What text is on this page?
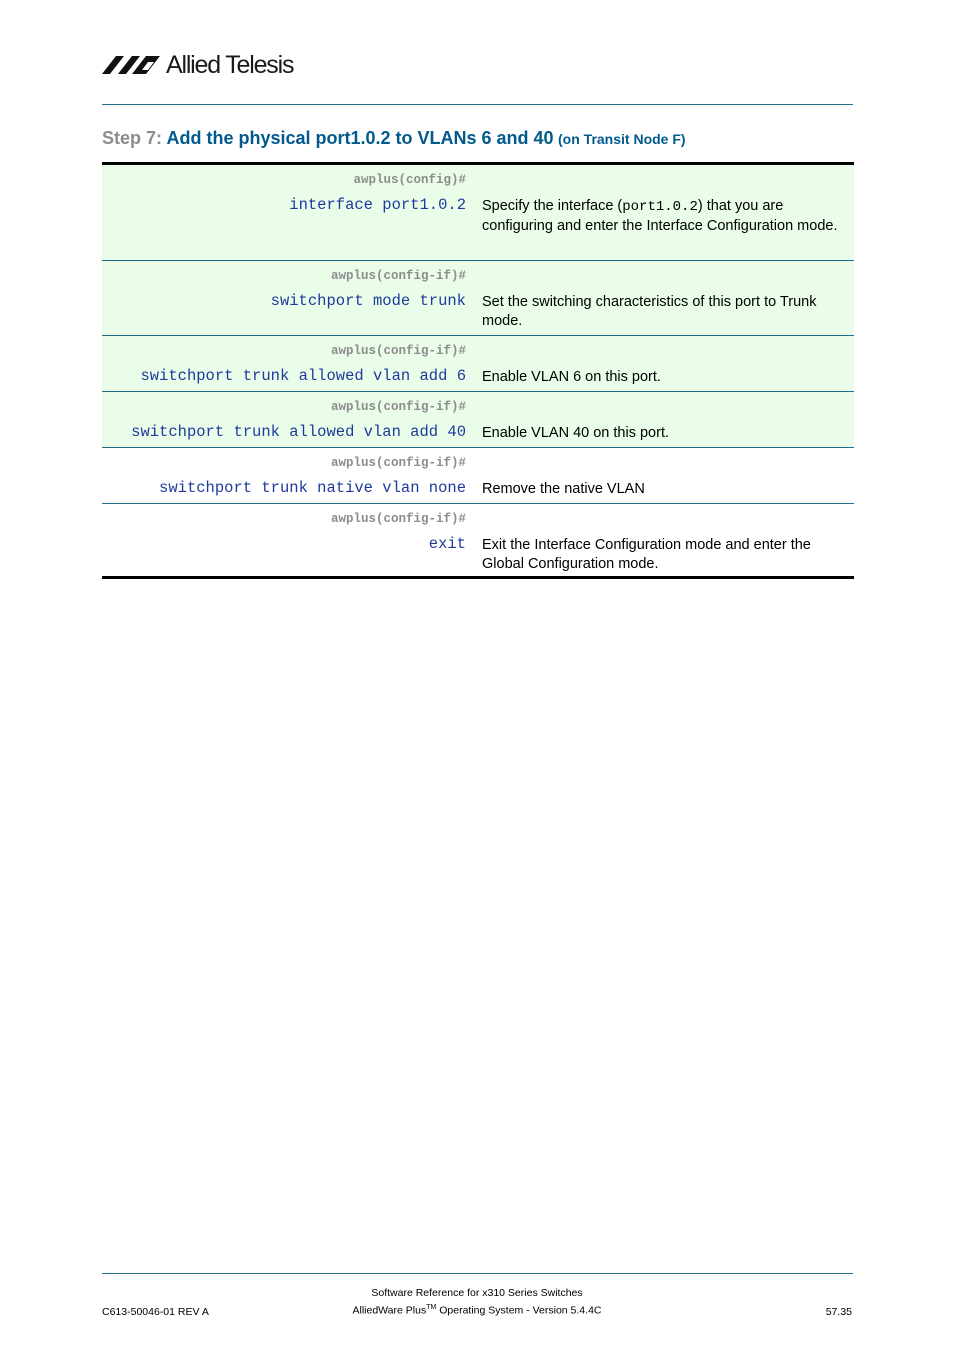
Allied Telesis
Step 7: Add the physical port1.0.2 to VLANs 6 and 40 (on Transit Node F)
awplus(config)#
interface port1.0.2 Specify the interface (port1.0.2) that you are configuring and enter the Interface Configuration mode.
awplus(config-if)#
switchport mode trunk Set the switching characteristics of this port to Trunk mode.
awplus(config-if)#
switchport trunk allowed vlan add 6 Enable VLAN 6 on this port.
awplus(config-if)#
switchport trunk allowed vlan add 40 Enable VLAN 40 on this port.
awplus(config-if)#
switchport trunk native vlan none Remove the native VLAN
awplus(config-if)#
exit Exit the Interface Configuration mode and enter the Global Configuration mode.
Software Reference for x310 Series Switches
C613-50046-01 REV A	AlliedWare Plus™ Operating System - Version 5.4.4C	57.35
